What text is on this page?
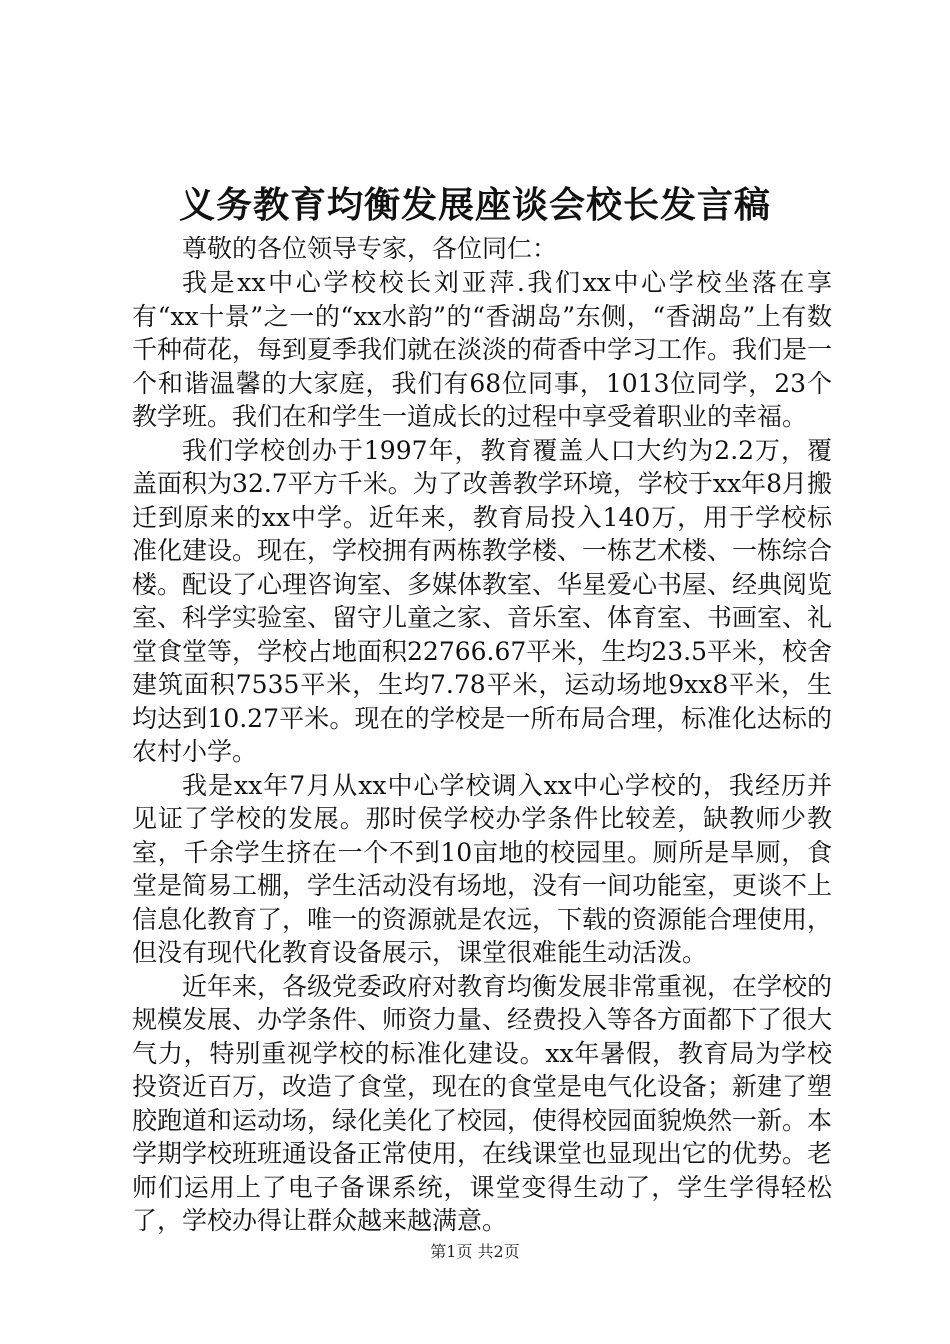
义务教育均衡发展座谈会校长发言稿

尊敬的各位领导专家，各位同仁：

我是xx中心学校校长刘亚萍.我们xx中心学校坐落在享有“xx十景”之一的“xx水韵”的“香湖岛”东侧，“香湖岛”上有数千种荷花，每到夏季我们就在淡淡的荷香中学习工作。我们是一个和谐温馨的大家庭，我们有68位同事，1013位同学，23个教学班。我们在和学生一道成长的过程中享受着职业的幸福。

我们学校创办于1997年，教育覆盖人口大约为2.2万，覆盖面积为32.7平方千米。为了改善教学环境，学校于xx年8月搬迁到原来的xx中学。近年来，教育局投入140万，用于学校标准化建设。现在，学校拥有两栋教学楼、一栋艺术楼、一栋综合楼。配设了心理咨询室、多媒体教室、华星爱心书屋、经典阅览室、科学实验室、留守儿童之家、音乐室、体育室、书画室、礼堂食堂等，学校占地面积22766.67平米，生均23.5平米，校舍建筑面积7535平米，生均7.78平米，运动场地9xx8平米，生均达到10.27平米。现在的学校是一所布局合理，标准化达标的农村小学。

我是xx年7月从xx中心学校调入xx中心学校的，我经历并见证了学校的发展。那时侯学校办学条件比较差，缺教师少教室，千余学生挤在一个不到10亩地的校园里。厕所是旱厕，食堂是简易工棚，学生活动没有场地，没有一间功能室，更谈不上信息化教育了，唯一的资源就是农远，下载的资源能合理使用，但没有现代化教育设备展示，课堂很难能生动活泼。

近年来，各级党委政府对教育均衡发展非常重视，在学校的规模发展、办学条件、师资力量、经费投入等各方面都下了很大气力，特别重视学校的标准化建设。xx年暑假，教育局为学校投资近百万，改造了食堂，现在的食堂是电气化设备；新建了塑胶跑道和运动场，绿化美化了校园，使得校园面貌焕然一新。本学期学校班班通设备正常使用，在线课堂也显现出它的优势。老师们运用上了电子备课系统，课堂变得生动了，学生学得轻松了，学校办得让群众越来越满意。

第1页 共2页
